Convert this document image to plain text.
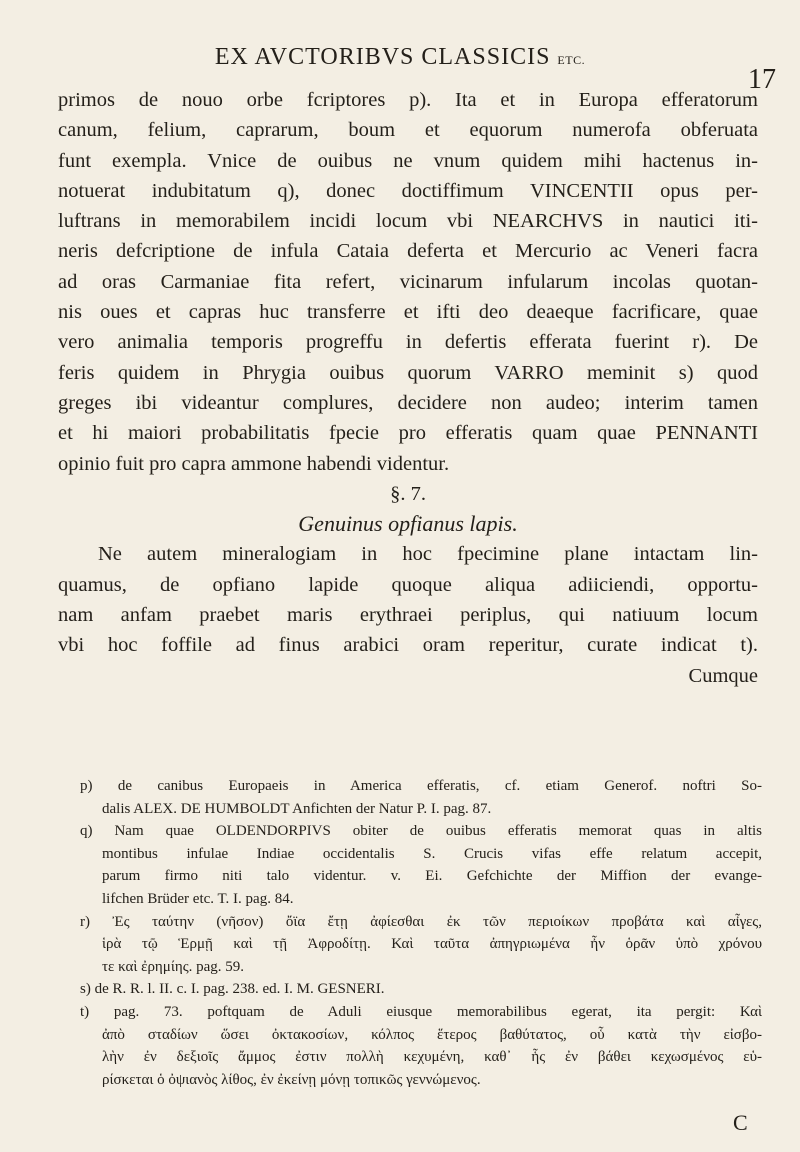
EX AVCTORIBVS CLASSICIS ETC.
17
primos de nouo orbe fcriptores p). Ita et in Europa efferatorum
canum, felium, caprarum, boum et equorum numerofa obferuata
funt exempla. Vnice de ouibus ne vnum quidem mihi hactenus in-
notuerat indubitatum q), donec doctiffimum VINCENTII opus per-
luftrans in memorabilem incidi locum vbi NEARCHVS in nautici iti-
neris defcriptione de infula Cataia deferta et Mercurio ac Veneri facra
ad oras Carmaniae fita refert, vicinarum infularum incolas quotan-
nis oues et capras huc transferre et ifti deo deaeque facrificare, quae
vero animalia temporis progreffu in defertis efferata fuerint r). De
feris quidem in Phrygia ouibus quorum VARRO meminit s) quod
greges ibi videantur complures, decidere non audeo; interim tamen
et hi maiori probabilitatis fpecie pro efferatis quam quae PENNANTI
opinio fuit pro capra ammone habendi videntur.
§. 7.
Genuinus opfianus lapis.
Ne autem mineralogiam in hoc fpecimine plane intactam lin-
quamus, de opfiano lapide quoque aliqua adiiciendi, opportu-
nam anfam praebet maris erythraei periplus, qui natiuum locum
vbi hoc foffile ad finus arabici oram reperitur, curate indicat t).
Cumque
p) de canibus Europaeis in America efferatis, cf. etiam Generof. noftri So-
dalis ALEX. DE HUMBOLDT Anfichten der Natur P. I. pag. 87.
q) Nam quae OLDENDORPIVS obiter de ouibus efferatis memorat quas in altis
montibus infulae Indiae occidentalis S. Crucis vifas effe relatum accepit,
parum firmo niti talo videntur. v. Ei. Gefchichte der Miffion der evange-
lifchen Brüder etc. T. I. pag. 84.
r) Ἐς ταύτην (νῆσον) ὄϊα ἔτῃ ἀφίεσθαι ἐκ τῶν περιοίκων προβάτα καὶ αἶγες,
ἱρὰ τῷ Ἑρμῇ καὶ τῇ Ἀφροδίτῃ. Καὶ ταῦτα ἀπηγριωμένα ἦν ὁρᾶν ὑπὸ χρόνου
τε καὶ ἐρημίης. pag. 59.
s) de R. R. l. II. c. I. pag. 238. ed. I. M. GESNERI.
t) pag. 73. poftquam de Aduli eiusque memorabilibus egerat, ita pergit: Καὶ
ἀπὸ σταδίων ὥσει ὀκτακοσίων, κόλπος ἕτερος βαθύτατος, οὗ κατὰ τὴν εἰσβο-
λὴν ἐν δεξιοῖς ἄμμος ἐστιν πολλὴ κεχυμένη, καθ᾽ ἧς ἐν βάθει κεχωσμένος εὑ-
ρίσκεται ὁ ὀψιανὸς λίθος, ἐν ἐκείνῃ μόνῃ τοπικῶς γεννώμενος.
C
